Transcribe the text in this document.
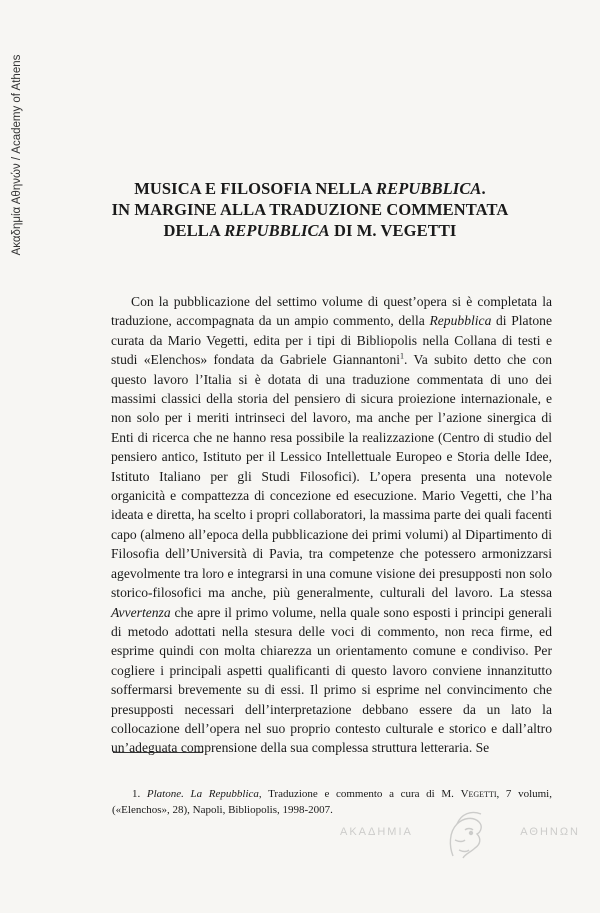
Ακαδημία Αθηνών / Academy of Athens	MUSICA E FILOSOFIA NELLA REPUBBLICA.
IN MARGINE ALLA TRADUZIONE COMMENTATA
DELLA REPUBBLICA DI M. VEGETTI

Con la pubblicazione del settimo volume di quest’opera si è completata la traduzione, accompagnata da un ampio commento, della Repubblica di Platone curata da Mario Vegetti, edita per i tipi di Bibliopolis nella Collana di testi e studi «Elenchos» fondata da Gabriele Giannantoni$^1$. Va subito detto che con questo lavoro l’Italia si è dotata di una traduzione commentata di uno dei massimi classici della storia del pensiero di sicura proiezione internazionale, e non solo per i meriti intrinseci del lavoro, ma anche per l’azione sinergica di Enti di ricerca che ne hanno resa possibile la realizzazione (Centro di studio del pensiero antico, Istituto per il Lessico Intellettuale Europeo e Storia delle Idee, Istituto Italiano per gli Studi Filosofici). L’opera presenta una notevole organicità e compattezza di concezione ed esecuzione. Mario Vegetti, che l’ha ideata e diretta, ha scelto i propri collaboratori, la massima parte dei quali facenti capo (almeno all’epoca della pubblicazione dei primi volumi) al Dipartimento di Filosofia dell’Università di Pavia, tra competenze che potessero armonizzarsi agevolmente tra loro e integrarsi in una comune visione dei presupposti non solo storico-filosofici ma anche, più generalmente, culturali del lavoro. La stessa Avvertenza che apre il primo volume, nella quale sono esposti i principi generali di metodo adottati nella stesura delle voci di commento, non reca firme, ed esprime quindi con molta chiarezza un orientamento comune e condiviso. Per cogliere i principali aspetti qualificanti di questo lavoro conviene innanzitutto soffermarsi brevemente su di essi. Il primo si esprime nel convincimento che presupposti necessari dell’interpretazione debbano essere da un lato la collocazione dell’opera nel suo proprio contesto culturale e storico e dall’altro un’adeguata comprensione della sua complessa struttura letteraria. Se

1. Platone. La Repubblica, Traduzione e commento a cura di M. Vegetti, 7 volumi, («Elenchos», 28), Napoli, Bibliopolis, 1998-2007.

ΑΚΑΔΗΜΙΑ	ΑΘΗΝΩΝ
